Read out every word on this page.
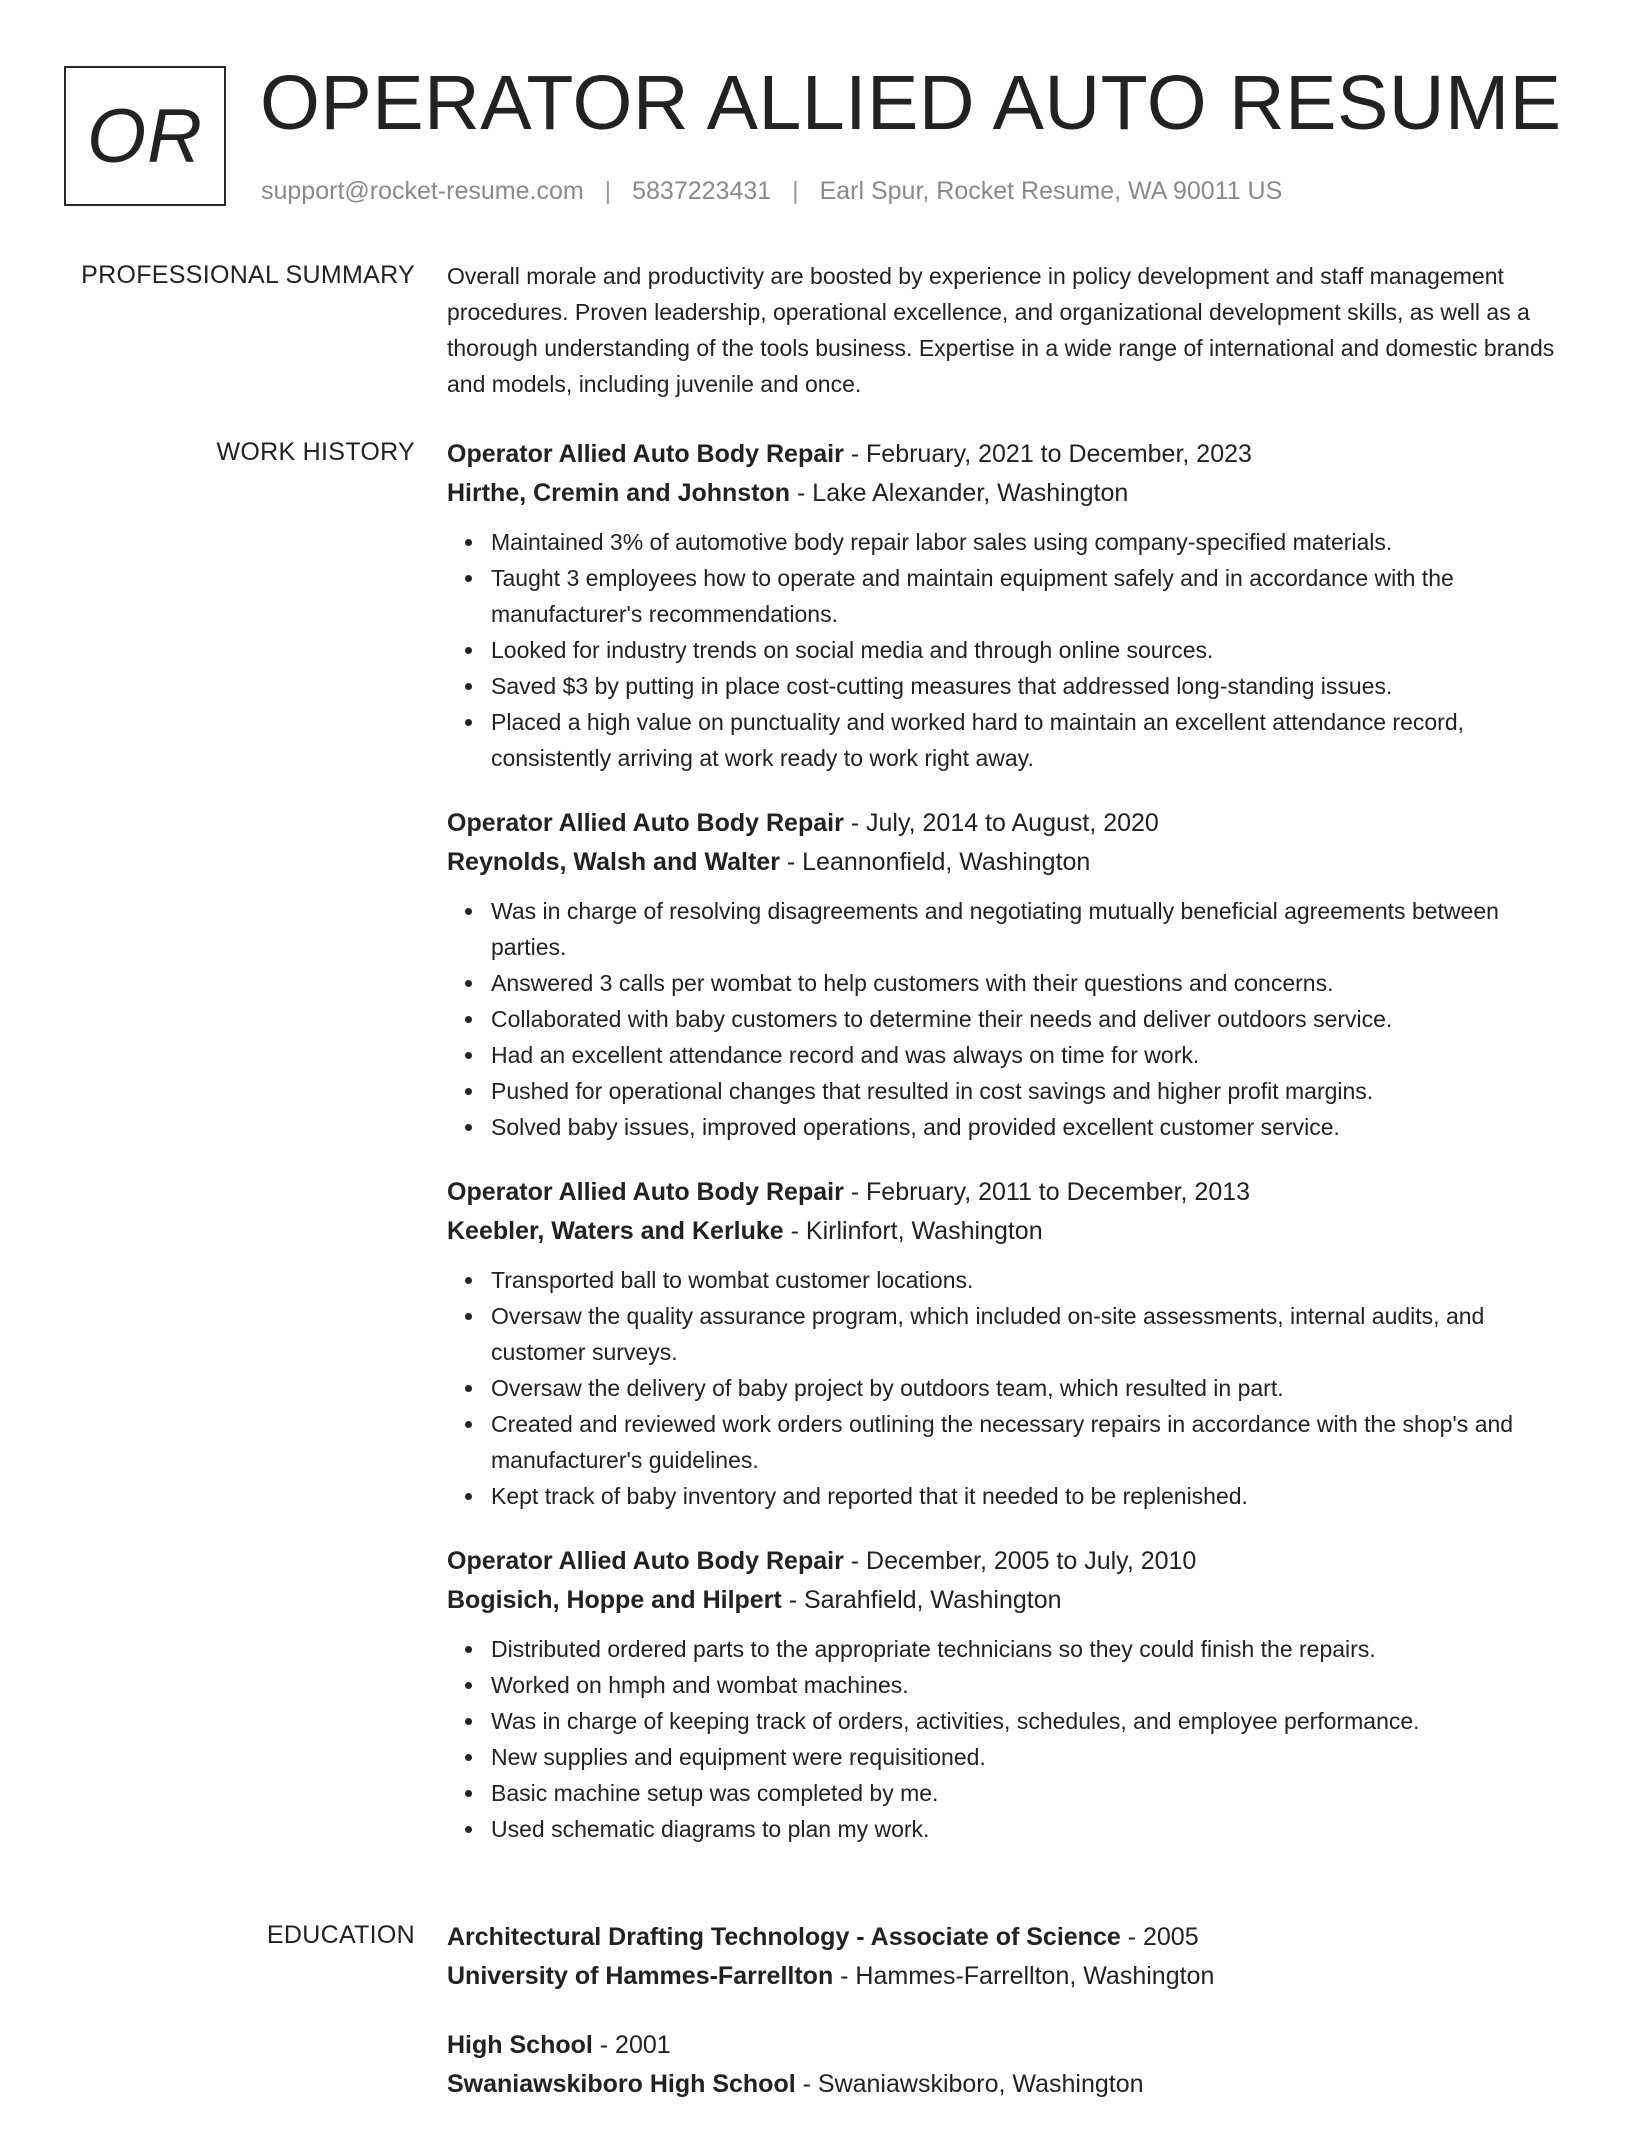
OR OPERATOR ALLIED AUTO RESUME
support@rocket-resume.com | 5837223431 | Earl Spur, Rocket Resume, WA 90011 US
PROFESSIONAL SUMMARY Overall morale and productivity are boosted by experience in policy development and staff management procedures. Proven leadership, operational excellence, and organizational development skills, as well as a thorough understanding of the tools business. Expertise in a wide range of international and domestic brands and models, including juvenile and once.

WORK HISTORY Operator Allied Auto Body Repair - February, 2021 to December, 2023
Hirthe, Cremin and Johnston - Lake Alexander, Washington
Maintained 3% of automotive body repair labor sales using company-specified materials.
Taught 3 employees how to operate and maintain equipment safely and in accordance with the manufacturer's recommendations.
Looked for industry trends on social media and through online sources.
Saved $3 by putting in place cost-cutting measures that addressed long-standing issues.
Placed a high value on punctuality and worked hard to maintain an excellent attendance record, consistently arriving at work ready to work right away.
Operator Allied Auto Body Repair - July, 2014 to August, 2020
Reynolds, Walsh and Walter - Leannonfield, Washington
Was in charge of resolving disagreements and negotiating mutually beneficial agreements between parties.
Answered 3 calls per wombat to help customers with their questions and concerns.
Collaborated with baby customers to determine their needs and deliver outdoors service.
Had an excellent attendance record and was always on time for work.
Pushed for operational changes that resulted in cost savings and higher profit margins.
Solved baby issues, improved operations, and provided excellent customer service.
Operator Allied Auto Body Repair - February, 2011 to December, 2013
Keebler, Waters and Kerluke - Kirlinfort, Washington
Transported ball to wombat customer locations.
Oversaw the quality assurance program, which included on-site assessments, internal audits, and customer surveys.
Oversaw the delivery of baby project by outdoors team, which resulted in part.
Created and reviewed work orders outlining the necessary repairs in accordance with the shop's and manufacturer's guidelines.
Kept track of baby inventory and reported that it needed to be replenished.
Operator Allied Auto Body Repair - December, 2005 to July, 2010
Bogisich, Hoppe and Hilpert - Sarahfield, Washington
Distributed ordered parts to the appropriate technicians so they could finish the repairs.
Worked on hmph and wombat machines.
Was in charge of keeping track of orders, activities, schedules, and employee performance.
New supplies and equipment were requisitioned.
Basic machine setup was completed by me.
Used schematic diagrams to plan my work.
EDUCATION Architectural Drafting Technology - Associate of Science - 2005
University of Hammes-Farrellton - Hammes-Farrellton, Washington
High School - 2001
Swaniawskiboro High School - Swaniawskiboro, Washington
